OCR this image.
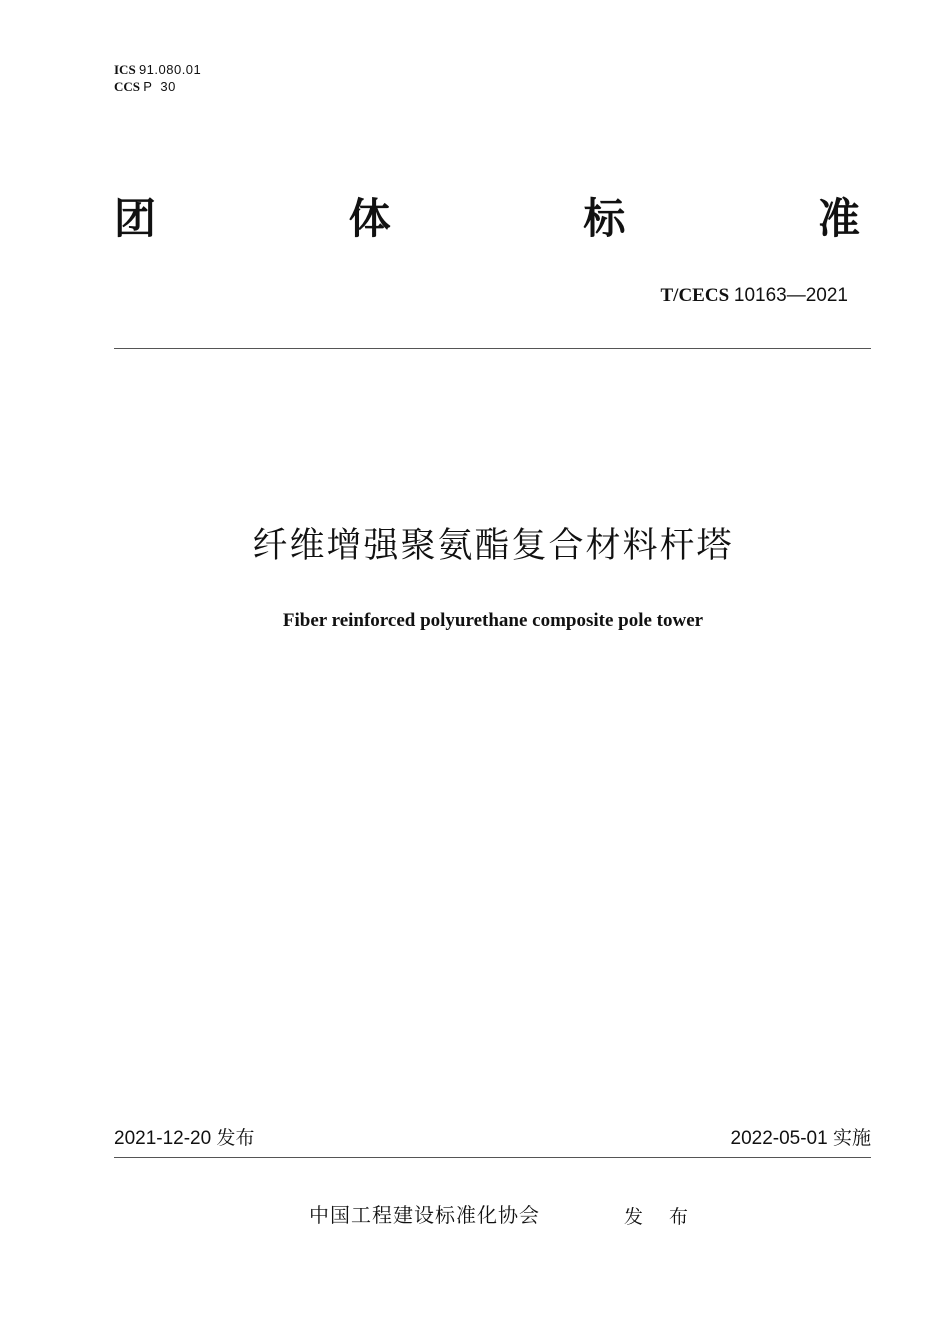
ICS 91.080.01
CCS P  30
团	体	标	准
T/CECS 10163—2021
纤维增强聚氨酯复合材料杆塔
Fiber reinforced polyurethane composite pole tower
2021-12-20 发布	2022-05-01 实施
中国工程建设标准化协会	发 布
